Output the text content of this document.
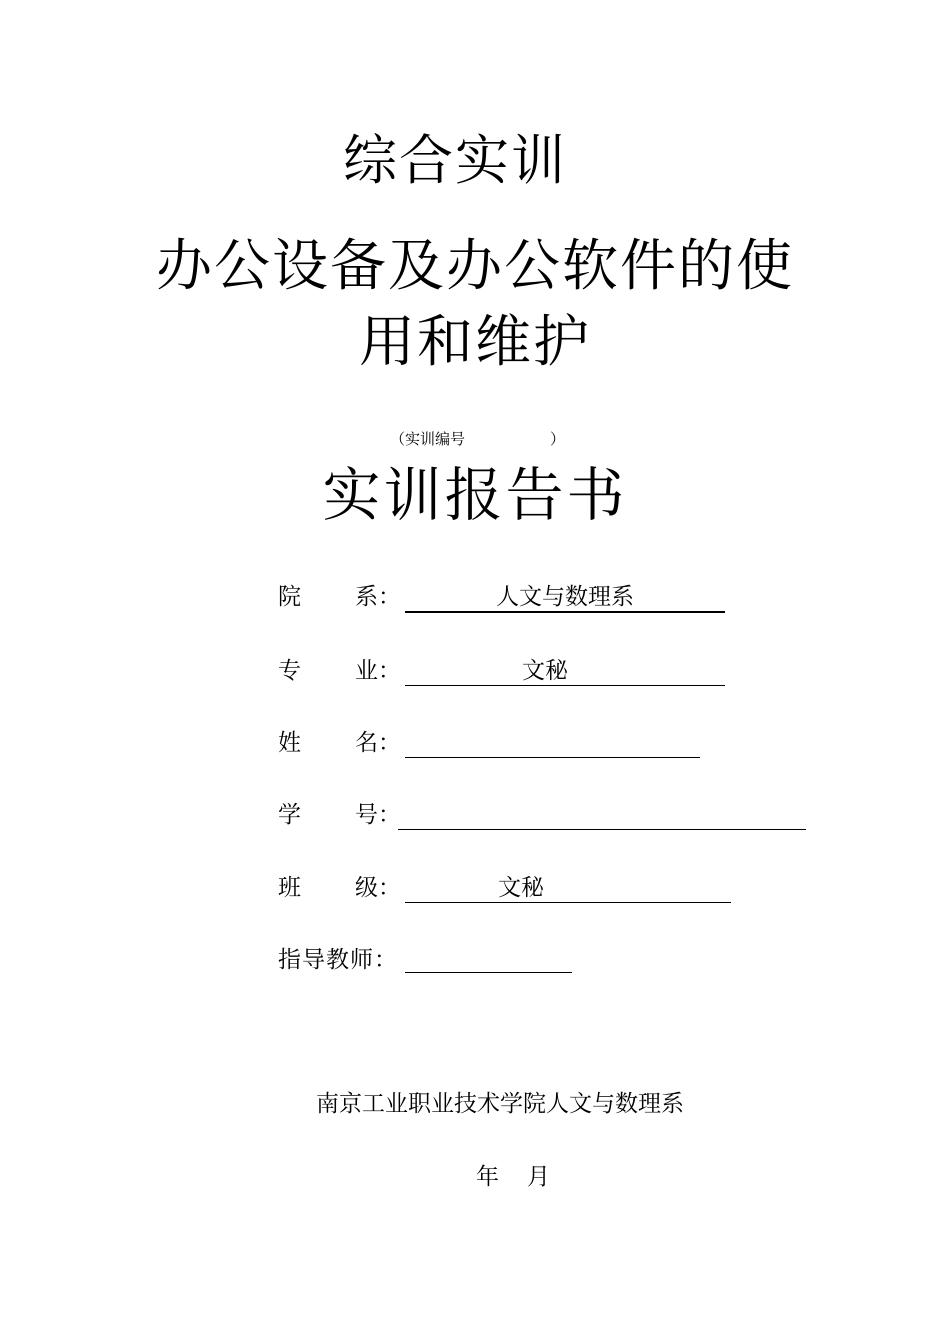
综合实训
办公设备及办公软件的使
用和维护
（实训编号	）
实训报告书
院 系：	人文与数理系
专 业：	文秘
姓 名：
学 号：
班 级：	文秘
指导教师：
南京工业职业技术学院人文与数理系
年 月
